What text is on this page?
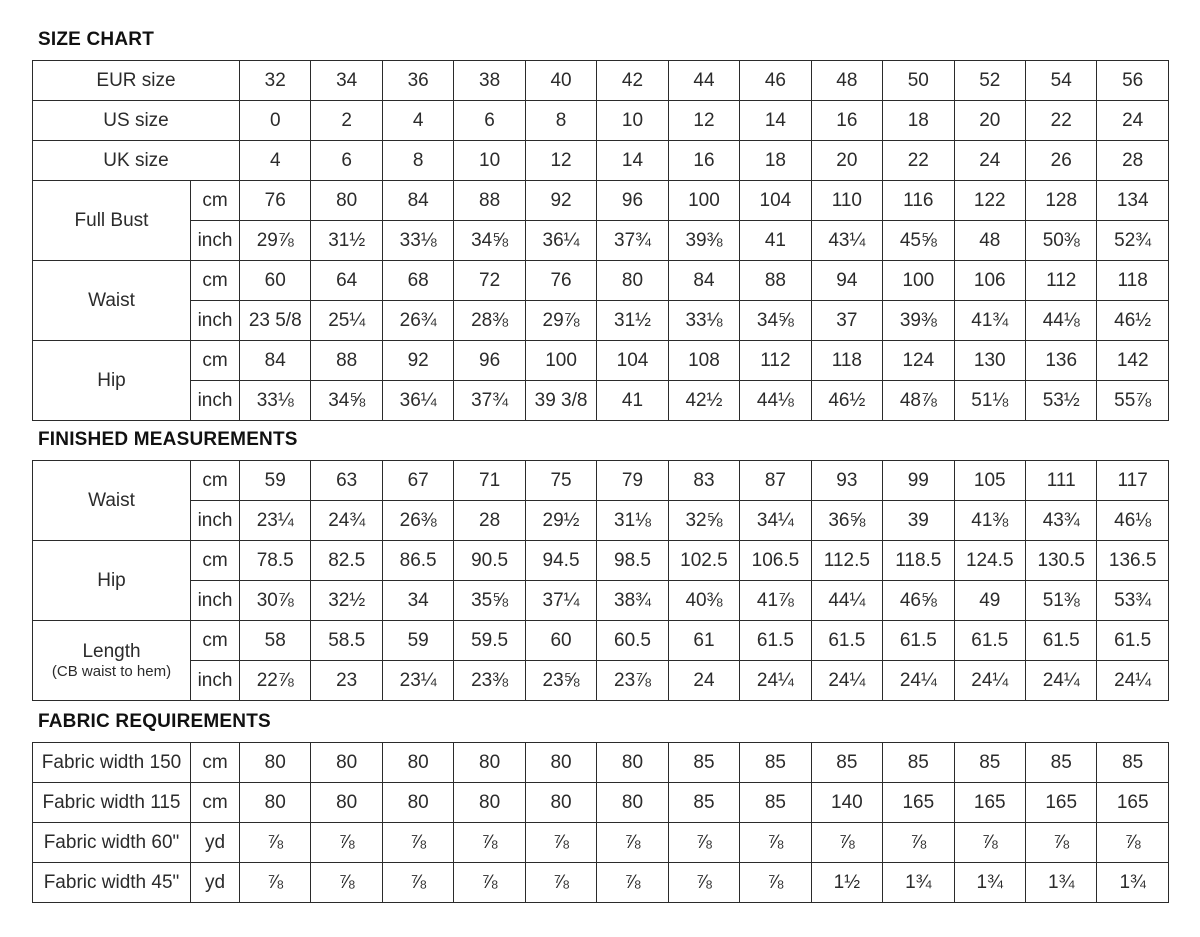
SIZE CHART
EUR size		32	34	36	38	40	42	44	46	48	50	52	54	56
US size		0	2	4	6	8	10	12	14	16	18	20	22	24
UK size		4	6	8	10	12	14	16	18	20	22	24	26	28
Full Bust	cm	76	80	84	88	92	96	100	104	110	116	122	128	134
	inch	29⅞	31½	33⅛	34⅝	36¼	37¾	39⅜	41	43¼	45⅝	48	50⅜	52¾
Waist	cm	60	64	68	72	76	80	84	88	94	100	106	112	118
	inch	23 5/8	25¼	26¾	28⅜	29⅞	31½	33⅛	34⅝	37	39⅜	41¾	44⅛	46½
Hip	cm	84	88	92	96	100	104	108	112	118	124	130	136	142
	inch	33⅛	34⅝	36¼	37¾	39 3/8	41	42½	44⅛	46½	48⅞	51⅛	53½	55⅞
FINISHED MEASUREMENTS
Waist	cm	59	63	67	71	75	79	83	87	93	99	105	111	117
	inch	23¼	24¾	26⅜	28	29½	31⅛	32⅝	34¼	36⅝	39	41⅜	43¾	46⅛

Hip	cm	78.5	82.5	86.5	90.5	94.5	98.5	102.5	106.5	112.5	118.5	124.5	130.5	136.5
	inch	30⅞	32½	34	35⅝	37¼	38¾	40⅜	41⅞	44¼	46⅝	49	51⅜	53¾

Length
(CB waist to hem)	cm	58	58.5	59	59.5	60	60.5	61	61.5	61.5	61.5	61.5	61.5	61.5
	inch	22⅞	23	23¼	23⅜	23⅝	23⅞	24	24¼	24¼	24¼	24¼	24¼	24¼
FABRIC REQUIREMENTS
Fabric width 150	cm	80	80	80	80	80	80	85	85	85	85	85	85	85
Fabric width 115	cm	80	80	80	80	80	80	85	85	140	165	165	165	165
Fabric width 60"	yd	⅞	⅞	⅞	⅞	⅞	⅞	⅞	⅞	⅞	⅞	⅞	⅞	⅞
Fabric width 45"	yd	⅞	⅞	⅞	⅞	⅞	⅞	⅞	⅞	1½	1¾	1¾	1¾	1¾
